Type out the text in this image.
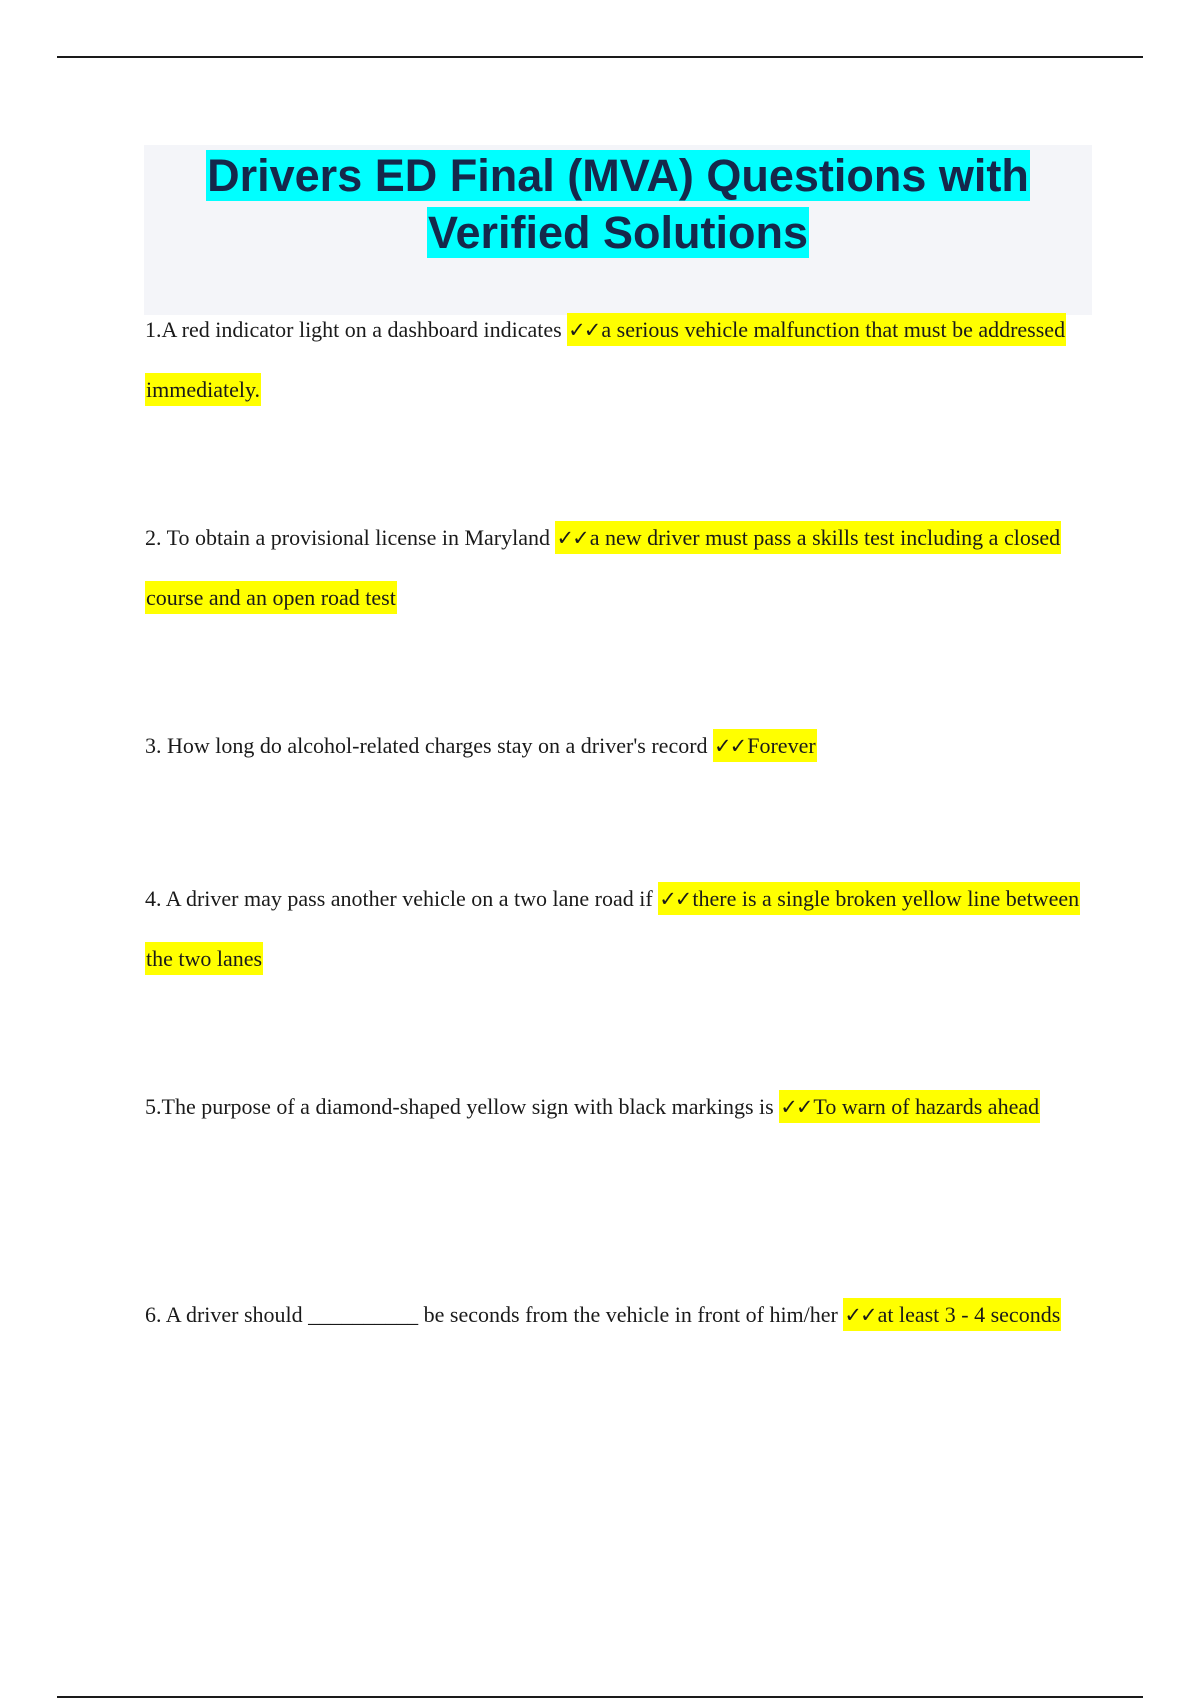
Drivers ED Final (MVA) Questions with Verified Solutions

1.A red indicator light on a dashboard indicates ✓✓a serious vehicle malfunction that must be addressed immediately.

2. To obtain a provisional license in Maryland ✓✓a new driver must pass a skills test including a closed course and an open road test

3. How long do alcohol-related charges stay on a driver's record ✓✓Forever

4. A driver may pass another vehicle on a two lane road if ✓✓there is a single broken yellow line between the two lanes

5.The purpose of a diamond-shaped yellow sign with black markings is ✓✓To warn of hazards ahead

6. A driver should __________ be seconds from the vehicle in front of him/her ✓✓at least 3 - 4 seconds
